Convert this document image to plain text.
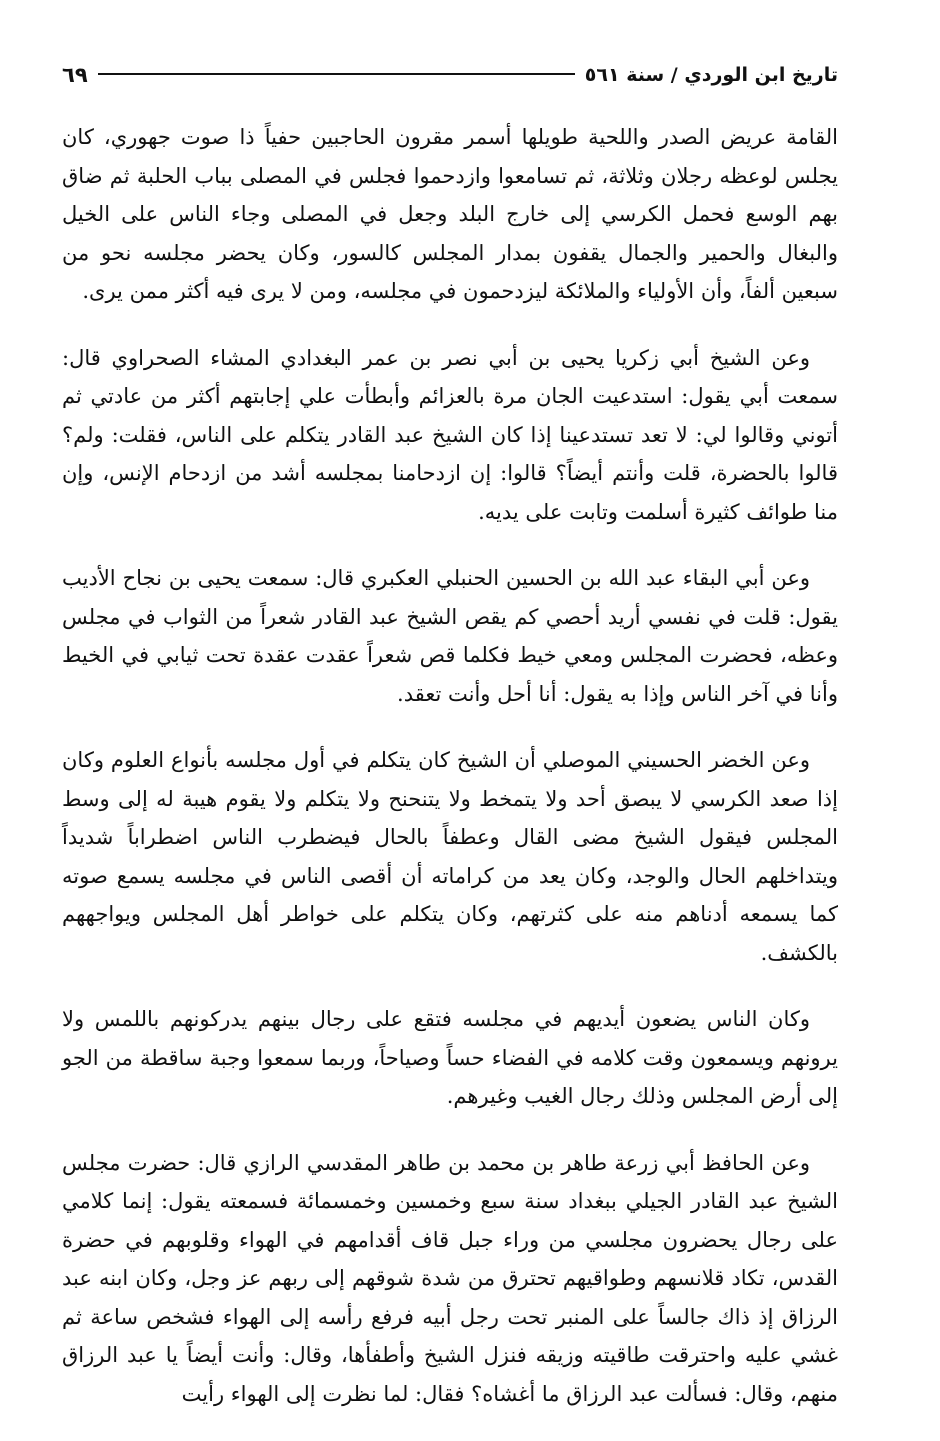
تاريخ ابن الوردي / سنة ٥٦١
٦٩

القامة عريض الصدر واللحية طويلها أسمر مقرون الحاجبين حفياً ذا صوت جهوري، كان يجلس لوعظه رجلان وثلاثة، ثم تسامعوا وازدحموا فجلس في المصلى بباب الحلبة ثم ضاق بهم الوسع فحمل الكرسي إلى خارج البلد وجعل في المصلى وجاء الناس على الخيل والبغال والحمير والجمال يقفون بمدار المجلس كالسور، وكان يحضر مجلسه نحو من سبعين ألفاً، وأن الأولياء والملائكة ليزدحمون في مجلسه، ومن لا يرى فيه أكثر ممن يرى.

وعن الشيخ أبي زكريا يحيى بن أبي نصر بن عمر البغدادي المشاء الصحراوي قال: سمعت أبي يقول: استدعيت الجان مرة بالعزائم وأبطأت علي إجابتهم أكثر من عادتي ثم أتوني وقالوا لي: لا تعد تستدعينا إذا كان الشيخ عبد القادر يتكلم على الناس، فقلت: ولم؟ قالوا بالحضرة، قلت وأنتم أيضاً؟ قالوا: إن ازدحامنا بمجلسه أشد من ازدحام الإنس، وإن منا طوائف كثيرة أسلمت وتابت على يديه.

وعن أبي البقاء عبد الله بن الحسين الحنبلي العكبري قال: سمعت يحيى بن نجاح الأديب يقول: قلت في نفسي أريد أحصي كم يقص الشيخ عبد القادر شعراً من الثواب في مجلس وعظه، فحضرت المجلس ومعي خيط فكلما قص شعراً عقدت عقدة تحت ثيابي في الخيط وأنا في آخر الناس وإذا به يقول: أنا أحل وأنت تعقد.

وعن الخضر الحسيني الموصلي أن الشيخ كان يتكلم في أول مجلسه بأنواع العلوم وكان إذا صعد الكرسي لا يبصق أحد ولا يتمخط ولا يتنحنح ولا يتكلم ولا يقوم هيبة له إلى وسط المجلس فيقول الشيخ مضى القال وعطفاً بالحال فيضطرب الناس اضطراباً شديداً ويتداخلهم الحال والوجد، وكان يعد من كراماته أن أقصى الناس في مجلسه يسمع صوته كما يسمعه أدناهم منه على كثرتهم، وكان يتكلم على خواطر أهل المجلس ويواجههم بالكشف.

وكان الناس يضعون أيديهم في مجلسه فتقع على رجال بينهم يدركونهم باللمس ولا يرونهم ويسمعون وقت كلامه في الفضاء حساً وصياحاً، وربما سمعوا وجبة ساقطة من الجو إلى أرض المجلس وذلك رجال الغيب وغيرهم.

وعن الحافظ أبي زرعة طاهر بن محمد بن طاهر المقدسي الرازي قال: حضرت مجلس الشيخ عبد القادر الجيلي ببغداد سنة سبع وخمسين وخمسمائة فسمعته يقول: إنما كلامي على رجال يحضرون مجلسي من وراء جبل قاف أقدامهم في الهواء وقلوبهم في حضرة القدس، تكاد قلانسهم وطواقيهم تحترق من شدة شوقهم إلى ربهم عز وجل، وكان ابنه عبد الرزاق إذ ذاك جالساً على المنبر تحت رجل أبيه فرفع رأسه إلى الهواء فشخص ساعة ثم غشي عليه واحترقت طاقيته وزيقه فنزل الشيخ وأطفأها، وقال: وأنت أيضاً يا عبد الرزاق منهم، وقال: فسألت عبد الرزاق ما أغشاه؟ فقال: لما نظرت إلى الهواء رأيت
